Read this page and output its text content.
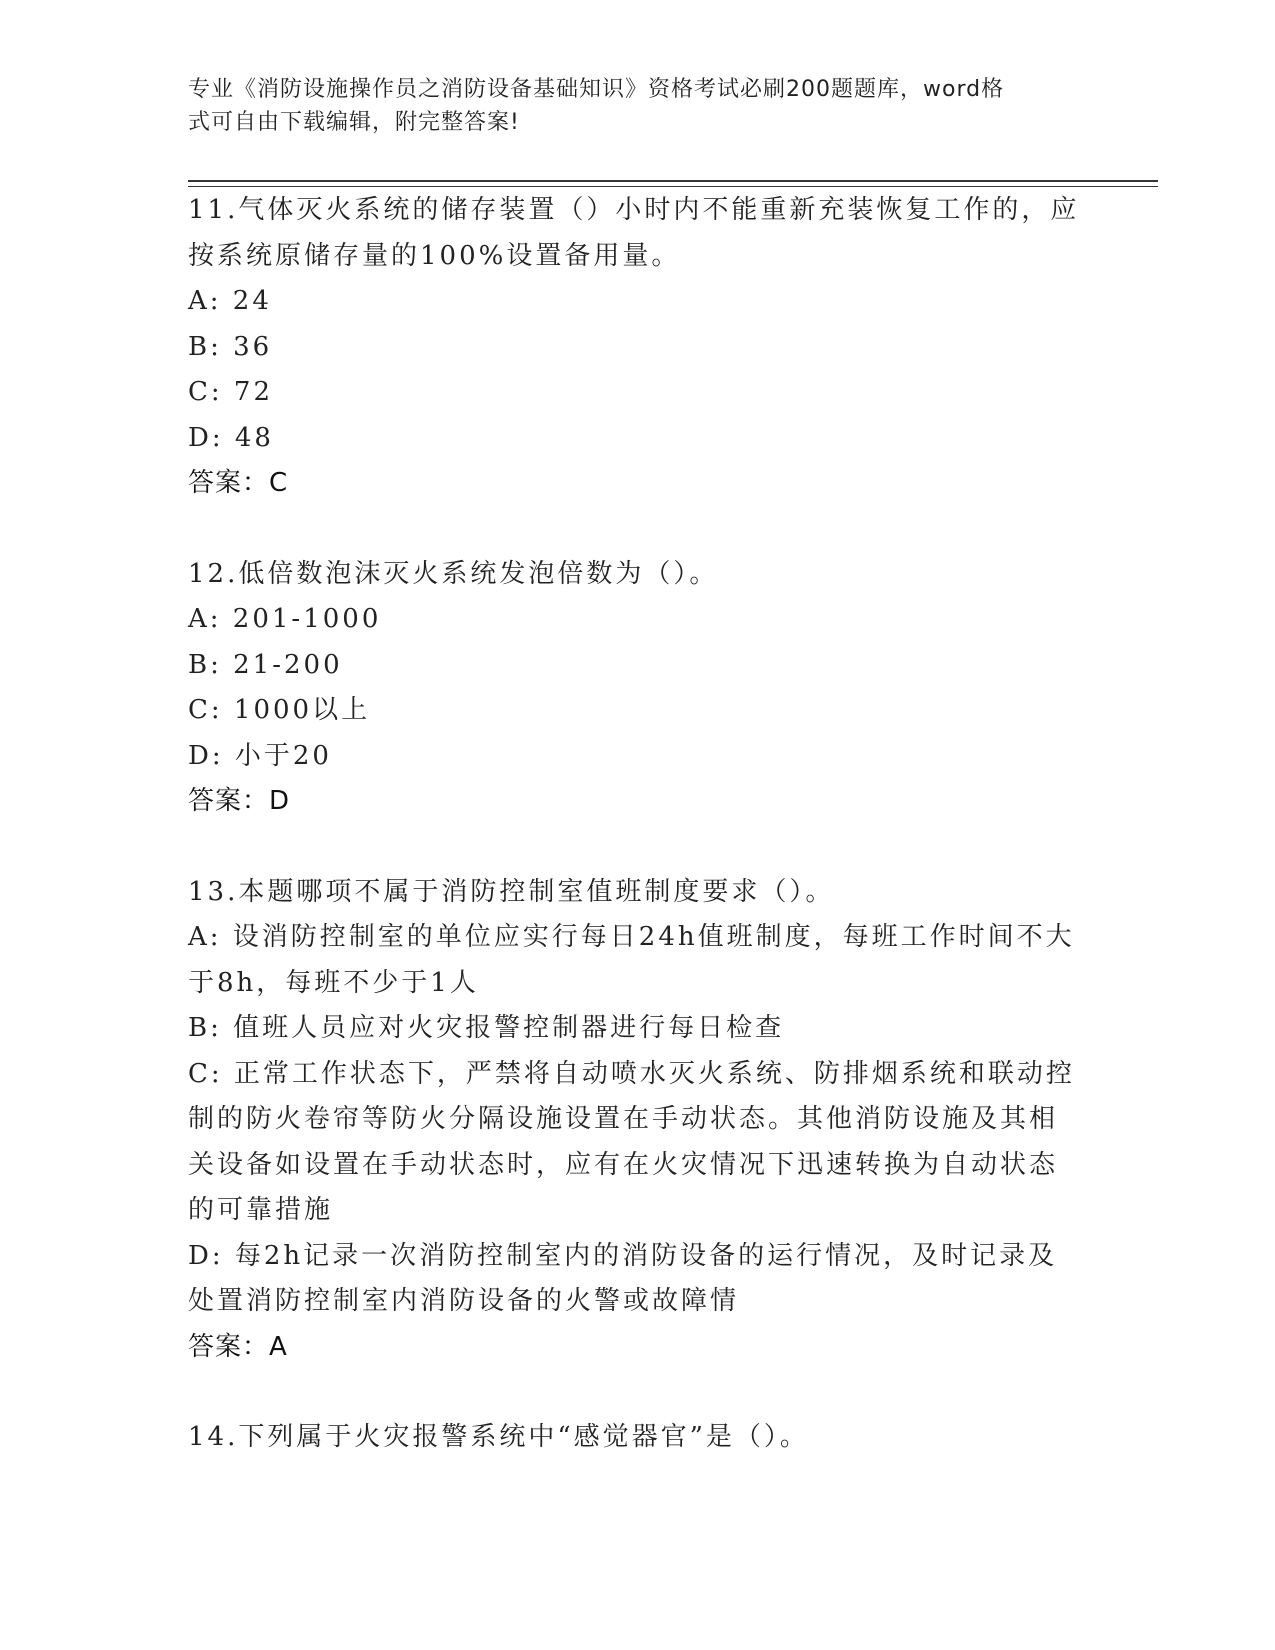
专业《消防设施操作员之消防设备基础知识》资格考试必刷200题题库，word格
式可自由下载编辑，附完整答案!

11.气体灭火系统的储存装置（）小时内不能重新充装恢复工作的，应

按系统原储存量的100%设置备用量。

A: 24

B: 36

C: 72

D: 48

答案：C

12.低倍数泡沫灭火系统发泡倍数为（）。

A: 201-1000

B: 21-200

C: 1000以上

D: 小于20

答案：D

13.本题哪项不属于消防控制室值班制度要求（）。

A: 设消防控制室的单位应实行每日24h值班制度，每班工作时间不大

于8h，每班不少于1人

B: 值班人员应对火灾报警控制器进行每日检查

C: 正常工作状态下，严禁将自动喷水灭火系统、防排烟系统和联动控

制的防火卷帘等防火分隔设施设置在手动状态。其他消防设施及其相

关设备如设置在手动状态时，应有在火灾情况下迅速转换为自动状态

的可靠措施

D: 每2h记录一次消防控制室内的消防设备的运行情况，及时记录及

处置消防控制室内消防设备的火警或故障情

答案：A

14.下列属于火灾报警系统中“感觉器官”是（）。
